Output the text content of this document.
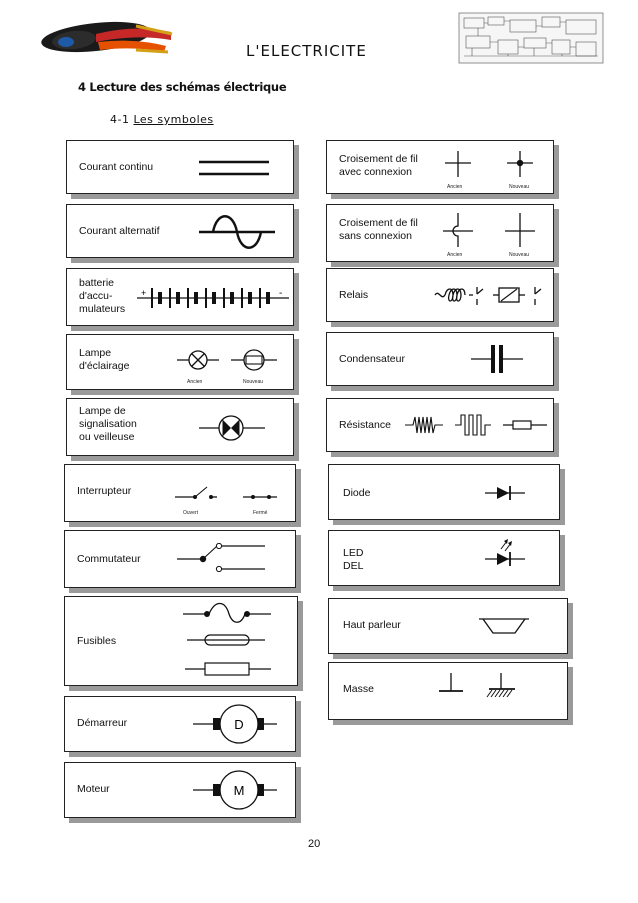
L'ELECTRICITE
4 Lecture des schémas électrique
4-1 Les symboles
Courant continu
Courant alternatif
batterie
d'accu-
mulateurs
+	-
Lampe
d'éclairage
Ancien	Nouveau
Lampe de
signalisation
ou veilleuse
Interrupteur
Ouvert	Fermé
Commutateur
Fusibles
Démarreur	D
Moteur	M
Croisement de fil
avec connexion
Ancien	Nouveau
Croisement de fil
sans connexion
Ancien	Nouveau
Relais
Condensateur
Résistance
Diode
LED
DEL
Haut parleur
Masse
20
